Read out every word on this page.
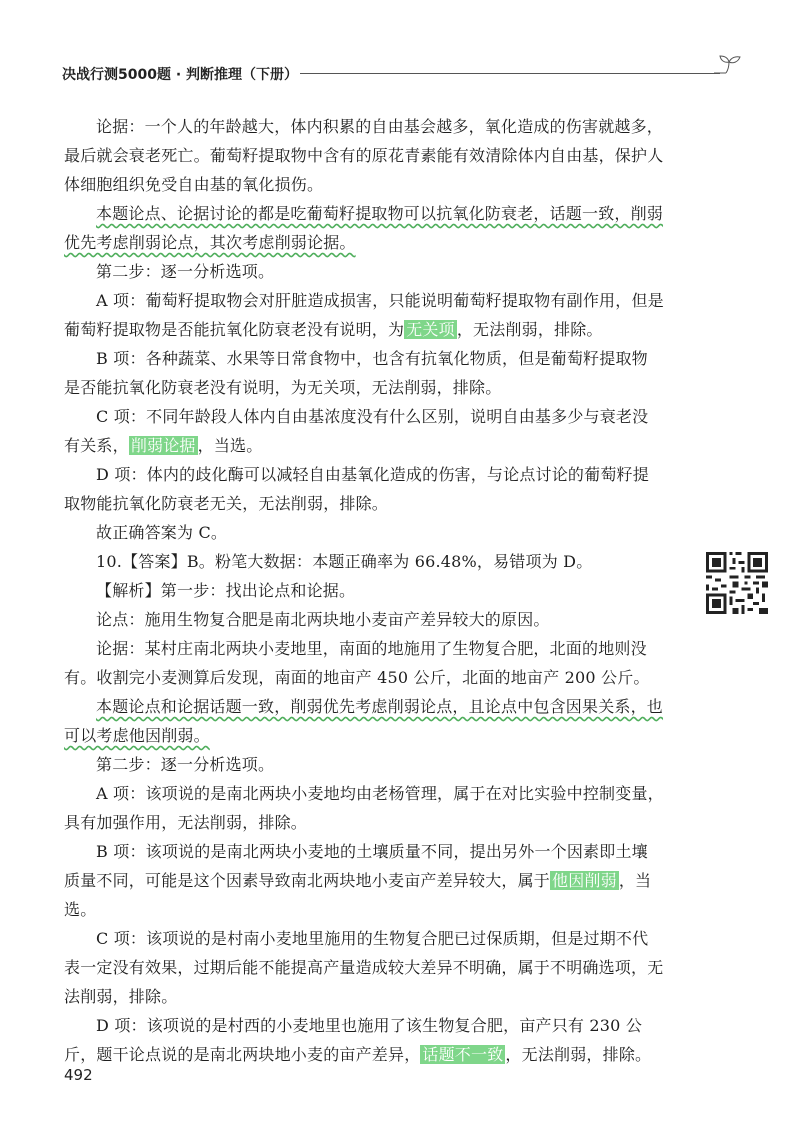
决战行测5000题 · 判断推理（下册）

论据：一个人的年龄越大，体内积累的自由基会越多，氧化造成的伤害就越多，最后就会衰老死亡。葡萄籽提取物中含有的原花青素能有效清除体内自由基，保护人体细胞组织免受自由基的氧化损伤。

本题论点、论据讨论的都是吃葡萄籽提取物可以抗氧化防衰老，话题一致，削弱优先考虑削弱论点，其次考虑削弱论据。

第二步：逐一分析选项。

A 项：葡萄籽提取物会对肝脏造成损害，只能说明葡萄籽提取物有副作用，但是葡萄籽提取物是否能抗氧化防衰老没有说明，为 无关项 ，无法削弱，排除。

B 项：各种蔬菜、水果等日常食物中，也含有抗氧化物质，但是葡萄籽提取物是否能抗氧化防衰老没有说明，为无关项，无法削弱，排除。

C 项：不同年龄段人体内自由基浓度没有什么区别，说明自由基多少与衰老没有关系， 削弱论据 ，当选。

D 项：体内的歧化酶可以减轻自由基氧化造成的伤害，与论点讨论的葡萄籽提取物能抗氧化防衰老无关，无法削弱，排除。

故正确答案为 C。

10.【答案】B。粉笔大数据：本题正确率为 66.48%，易错项为 D。

【解析】第一步：找出论点和论据。

论点：施用生物复合肥是南北两块地小麦亩产差异较大的原因。

论据：某村庄南北两块小麦地里，南面的地施用了生物复合肥，北面的地则没有。收割完小麦测算后发现，南面的地亩产 450 公斤，北面的地亩产 200 公斤。

本题论点和论据话题一致，削弱优先考虑削弱论点，且论点中包含因果关系，也可以考虑他因削弱。

第二步：逐一分析选项。

A 项：该项说的是南北两块小麦地均由老杨管理，属于在对比实验中控制变量，具有加强作用，无法削弱，排除。

B 项：该项说的是南北两块小麦地的土壤质量不同，提出另外一个因素即土壤质量不同，可能是这个因素导致南北两块地小麦亩产差异较大，属于 他因削弱 ，当选。

C 项：该项说的是村南小麦地里施用的生物复合肥已过保质期，但是过期不代表一定没有效果，过期后能不能提高产量造成较大差异不明确，属于不明确选项，无法削弱，排除。

D 项：该项说的是村西的小麦地里也施用了该生物复合肥，亩产只有 230 公斤，题干论点说的是南北两块地小麦的亩产差异， 话题不一致 ，无法削弱，排除。

492
